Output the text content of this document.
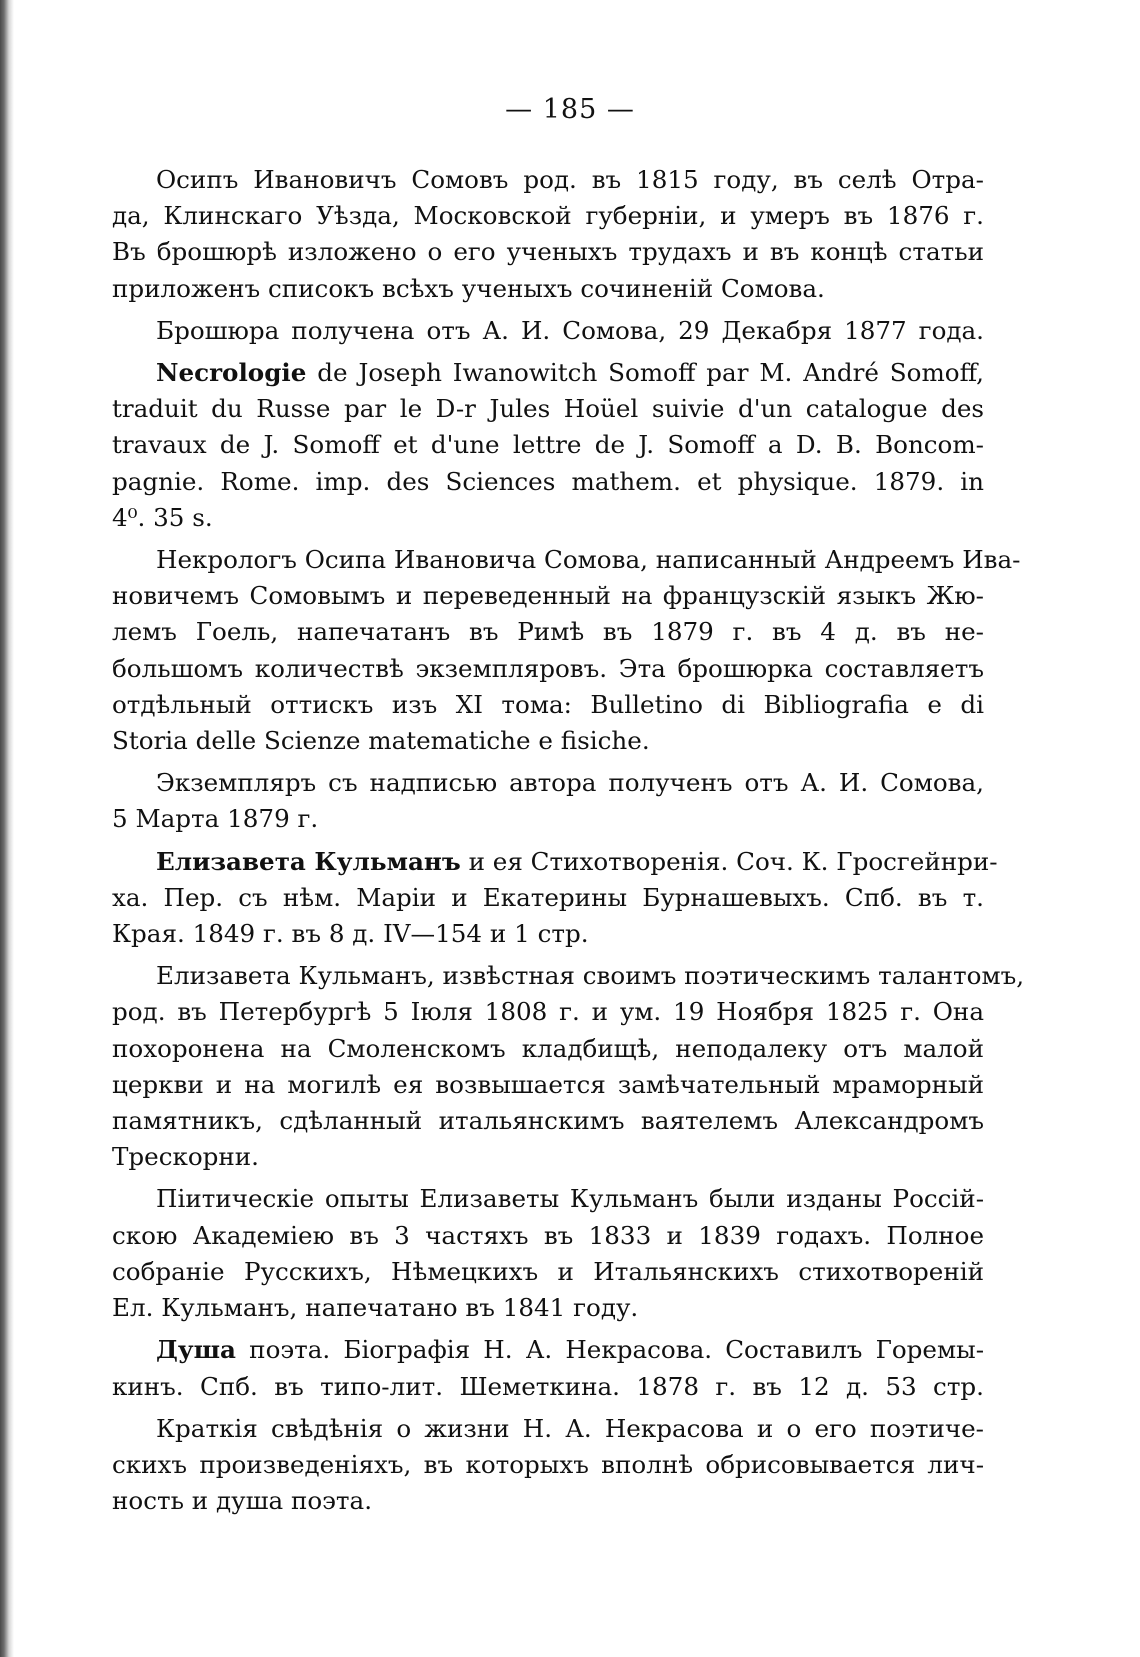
— 185 —
Осипъ Ивановичъ Сомовъ род. въ 1815 году, въ селѣ Отра-
да, Клинскаго Уѣзда, Московской губерніи, и умеръ въ 1876 г.
Въ брошюрѣ изложено о его ученыхъ трудахъ и въ концѣ статьи
приложенъ списокъ всѣхъ ученыхъ сочиненій Сомова.
Брошюра получена отъ А. И. Сомова, 29 Декабря 1877 года.
Necrologie de Joseph Iwanowitch Somoff par M. André Somoff,
traduit du Russe par le D-r Jules Hoüel suivie d'un catalogue des
travaux de J. Somoff et d'une lettre de J. Somoff a D. B. Boncom-
pagnie. Rome. imp. des Sciences mathem. et physique. 1879. in
4⁰. 35 s.
Некрологъ Осипа Ивановича Сомова, написанный Андреемъ Ива-
новичемъ Сомовымъ и переведенный на французскій языкъ Жю-
лемъ Гоель, напечатанъ въ Римѣ въ 1879 г. въ 4 д. въ не-
большомъ количествѣ экземпляровъ. Эта брошюрка составляетъ
отдѣльный оттискъ изъ XI тома: Bulletino di Bibliografia e di
Storia delle Scienze matematiche e fisiche.
Экземпляръ съ надписью автора полученъ отъ А. И. Сомова,
5 Марта 1879 г.
Елизавета Кульманъ и ея Стихотворенія. Соч. К. Гросгейнри-
ха. Пер. съ нѣм. Маріи и Екатерины Бурнашевыхъ. Спб. въ т.
Края. 1849 г. въ 8 д. IV—154 и 1 стр.
Елизавета Кульманъ, извѣстная своимъ поэтическимъ талантомъ,
род. въ Петербургѣ 5 Іюля 1808 г. и ум. 19 Ноября 1825 г. Она
похоронена на Смоленскомъ кладбищѣ, неподалеку отъ малой
церкви и на могилѣ ея возвышается замѣчательный мраморный
памятникъ, сдѣланный итальянскимъ ваятелемъ Александромъ
Трескорни.
Піитическіе опыты Елизаветы Кульманъ были изданы Россій-
скою Академіею въ 3 частяхъ въ 1833 и 1839 годахъ. Полное
собраніе Русскихъ, Нѣмецкихъ и Итальянскихъ стихотвореній
Ел. Кульманъ, напечатано въ 1841 году.
Душа поэта. Біографія Н. А. Некрасова. Составилъ Горемы-
кинъ. Спб. въ типо-лит. Шеметкина. 1878 г. въ 12 д. 53 стр.
Краткія свѣдѣнія о жизни Н. А. Некрасова и о его поэтиче-
скихъ произведеніяхъ, въ которыхъ вполнѣ обрисовывается лич-
ность и душа поэта.
